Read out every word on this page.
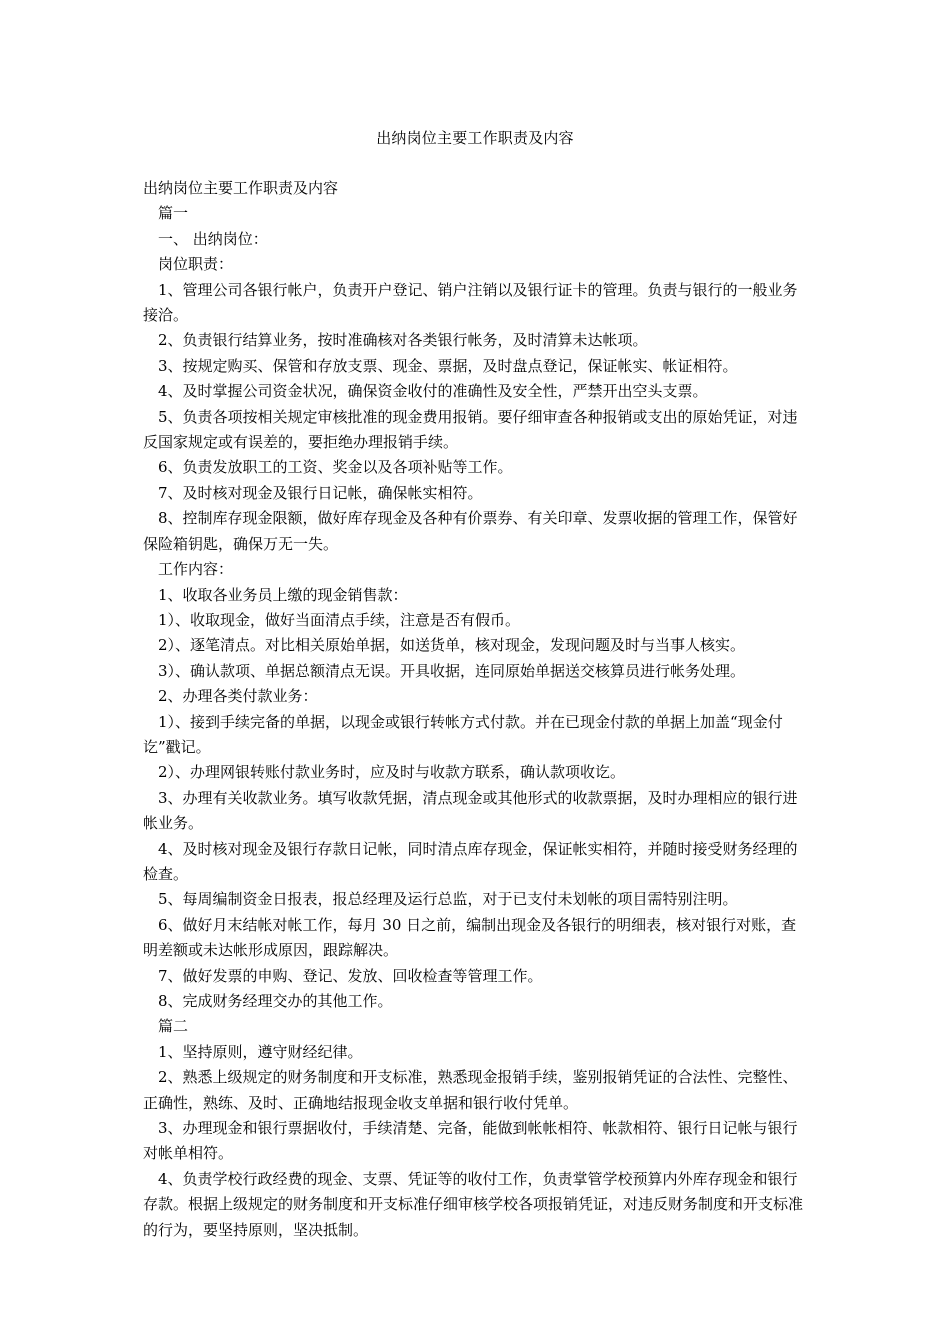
出纳岗位主要工作职责及内容

出纳岗位主要工作职责及内容

篇一

一、 出纳岗位：

岗位职责：

1、管理公司各银行帐户，负责开户登记、销户注销以及银行证卡的管理。负责与银行的一般业务接洽。

2、负责银行结算业务，按时准确核对各类银行帐务，及时清算未达帐项。

3、按规定购买、保管和存放支票、现金、票据，及时盘点登记，保证帐实、帐证相符。

4、及时掌握公司资金状况，确保资金收付的准确性及安全性，严禁开出空头支票。

5、负责各项按相关规定审核批准的现金费用报销。要仔细审查各种报销或支出的原始凭证，对违反国家规定或有误差的，要拒绝办理报销手续。

6、负责发放职工的工资、奖金以及各项补贴等工作。

7、及时核对现金及银行日记帐，确保帐实相符。

8、控制库存现金限额，做好库存现金及各种有价票券、有关印章、发票收据的管理工作，保管好保险箱钥匙，确保万无一失。

工作内容：

1、收取各业务员上缴的现金销售款：

1）、收取现金，做好当面清点手续，注意是否有假币。

2）、逐笔清点。对比相关原始单据，如送货单，核对现金，发现问题及时与当事人核实。

3）、确认款项、单据总额清点无误。开具收据，连同原始单据送交核算员进行帐务处理。

2、办理各类付款业务：

1）、接到手续完备的单据，以现金或银行转帐方式付款。并在已现金付款的单据上加盖“现金付讫”戳记。

2）、办理网银转账付款业务时，应及时与收款方联系，确认款项收讫。

3、办理有关收款业务。填写收款凭据，清点现金或其他形式的收款票据，及时办理相应的银行进帐业务。

4、及时核对现金及银行存款日记帐，同时清点库存现金，保证帐实相符，并随时接受财务经理的检查。

5、每周编制资金日报表，报总经理及运行总监，对于已支付未划帐的项目需特别注明。

6、做好月末结帐对帐工作，每月 30 日之前，编制出现金及各银行的明细表，核对银行对账，查明差额或未达帐形成原因，跟踪解决。

7、做好发票的申购、登记、发放、回收检查等管理工作。

8、完成财务经理交办的其他工作。

篇二

1、坚持原则，遵守财经纪律。

2、熟悉上级规定的财务制度和开支标准，熟悉现金报销手续，鉴别报销凭证的合法性、完整性、正确性，熟练、及时、正确地结报现金收支单据和银行收付凭单。

3、办理现金和银行票据收付，手续清楚、完备，能做到帐帐相符、帐款相符、银行日记帐与银行对帐单相符。

4、负责学校行政经费的现金、支票、凭证等的收付工作，负责掌管学校预算内外库存现金和银行存款。根据上级规定的财务制度和开支标准仔细审核学校各项报销凭证，对违反财务制度和开支标准的行为，要坚持原则，坚决抵制。
